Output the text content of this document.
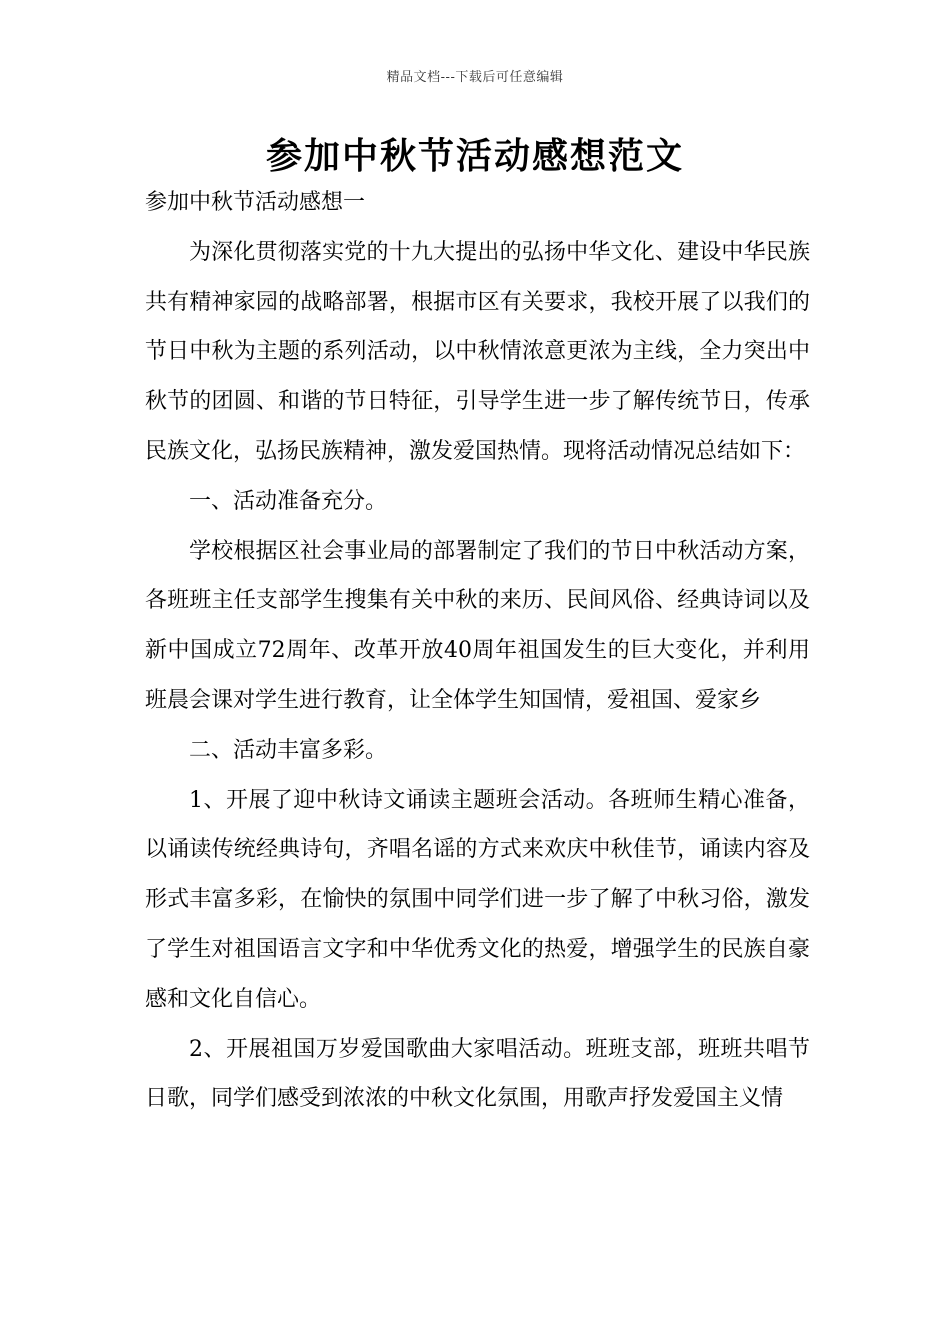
精品文档---下载后可任意编辑
参加中秋节活动感想范文

参加中秋节活动感想一

为深化贯彻落实党的十九大提出的弘扬中华文化、建设中华民族共有精神家园的战略部署，根据市区有关要求，我校开展了以我们的节日中秋为主题的系列活动，以中秋情浓意更浓为主线，全力突出中秋节的团圆、和谐的节日特征，引导学生进一步了解传统节日，传承民族文化，弘扬民族精神，激发爱国热情。现将活动情况总结如下：

一、活动准备充分。

学校根据区社会事业局的部署制定了我们的节日中秋活动方案，各班班主任支部学生搜集有关中秋的来历、民间风俗、经典诗词以及新中国成立72周年、改革开放40周年祖国发生的巨大变化，并利用班晨会课对学生进行教育，让全体学生知国情，爱祖国、爱家乡

二、活动丰富多彩。

1、开展了迎中秋诗文诵读主题班会活动。各班师生精心准备，以诵读传统经典诗句，齐唱名谣的方式来欢庆中秋佳节，诵读内容及形式丰富多彩，在愉快的氛围中同学们进一步了解了中秋习俗，激发了学生对祖国语言文字和中华优秀文化的热爱，增强学生的民族自豪感和文化自信心。

2、开展祖国万岁爱国歌曲大家唱活动。班班支部，班班共唱节日歌，同学们感受到浓浓的中秋文化氛围，用歌声抒发爱国主义情
